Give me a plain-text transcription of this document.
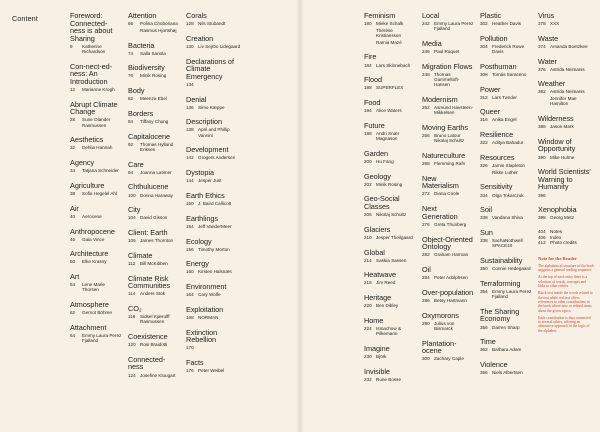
Content	Foreword: Connected-ness is about Sharing
9	Katherine Richardson
Con-nect-ed-ness: An Introduction
12	Marianne Krogh
Abrupt Climate Change
28	Sune Olander Rasmussen
Aesthetics
32	Dehlia Hannah
Agency
34	Tatjana Schneider
Agriculture
38	Sofia Hegelel Ahl
Air
40	Aerocene
Anthropocene
46	Gaia Vince
Architecture
50	Elke Krasny
Art
54	Lene Marie Thorsen
Atmosphere
62	Gernot Böhme
Attachment
64	Emmy Laura Perez Fjalland
Attention
66	Polina Choboriana
Rasmus Hjortshøj
Bacteria
74	Salla Sariola
Biodiversity
76	Minik Rosing
Body
82	Meenza Ebel
Borders
84	Tiffany Chung
Capitalocene
92	Thomas Hylland Eriksen
Care
94	Joanna Latimer
Chthulucene
100 Donna Haraway
City
104 David Gisson
Client: Earth
106 James Thornton
Climate
112	Bill McKibben
Climate Risk Communities
114	Anders Stok
CO₂
118	Sidsel Kjærulff Rasmussen
Coexistence
120 Rosi Braidotti
Connected-ness
124 Josefine Klougart
Corals
128 Nils Stubandt
Creation
130 Liv Sejrbo Lidegaard
Declarations of Climate Emergency
134
Denial
136 Simo Kæppe
Description
138 April and Phillip Vannini
Development
142 Grogers Andersen
Dystopia
144 Jesper Just
Earth Ethics
150 J. Baird Callicott
Earthlings
154 Jeff VanderMeer
Ecology
156 Timothy Morton
Energy
160 Kirsten Halsnæs
Environment
164 Cary Wolfe
Exploitation
168 NORMAN
Extinction Rebellion
170
Facts
176 Peter Weibel
Feminism
180 Mieke Schalk
Thérèse Kristiansson
Ramia Mazé
Fire
184 Lars Skinnebach
Flood
188 SUPERFLEX
Food
194 Alice Waters
Future
198 Andri Snær Magnason
Garden
200 Hu Fang
Geology
202 Minik Rosing
Geo-Social Classes
206 Nikolaj Schultz
Glaciers
210 Jesper Theilgaard
Global
214 Saskia Sassen
Heatwave
216 Jim Reed
Heritage
220 Ben Dibley
Home
224 Ismachow & Pilkemann
Imagine
230 Björk
Invisible
232 Rune Bosse
Local
242 Emmy Laura Perez Fjalland
Media
246 Paul Roquet
Migration Flows
248 Thomas Gammeltoft-Hansen
Modernism
252 Asmund Havsteen-Mikkelsen
Moving Earths
256 Bruno Latour Nikolaj Schultz
Natureculture
268 Flemming Rafn
New Materialism
272 Diana Coole
Next Generation
276 Greta Thunberg
Object-Oriented Ontology
282 Graham Harman
Oil
284 Peter Adolphsen
Over-population
286 Betsy Hartmann
Oxymorons
290 Julius von Bismarck
Plantation-ocene
300 Zachary Caple
Plastic
302 Heather Davis
Pollution
304 Frederick Rowe Davis
Posthuman
308 Tomás Saraceno
Power
312 Lars Tønder
Queer
316 Anika Engel
Resilience
322 Aditya Bahadur
Resources
326 Jamie Stapleton
Rikke Luther
Sensitivity
334 Olga Tokarczuk
Soil
338 Vandana Shiva
Sun
338 SachaNothwell SPACE10
Sustainability
350 Connie Hedegaard
Terraforming
354 Emmy Laura Perez Fjalland
The Sharing Economy
356 Darren Sharp
Time
362 Barbara Adam
Violence
366 Niels Albertsen
Virus
378 XXX
Waste
374 Amanda Boetzkee
Water
376 Astrida Neimanis
Weather
382 Astrida Neimanis
Jennifer Mae Hamilton
Wilderness
388 Jason Mark
Window of Opportunity
390 Mike Hulme
World Scientists' Warning to Humanity
396
Xenophobia
398 Georg Metz
404 Notes
406 Index
412 Photo credits
Note for the Reader
The alphabetical structure of the book suggests a general reading sequence.
At the top of each entry there is a selection of words, concepts and links to other entries.
Black text inside the words related to the text while red text offers references to other contributions in the book where new or related terms about the given topics.
Each contribution is thus connected to several others, offering an alternative approach to the logic of the alphabet.
